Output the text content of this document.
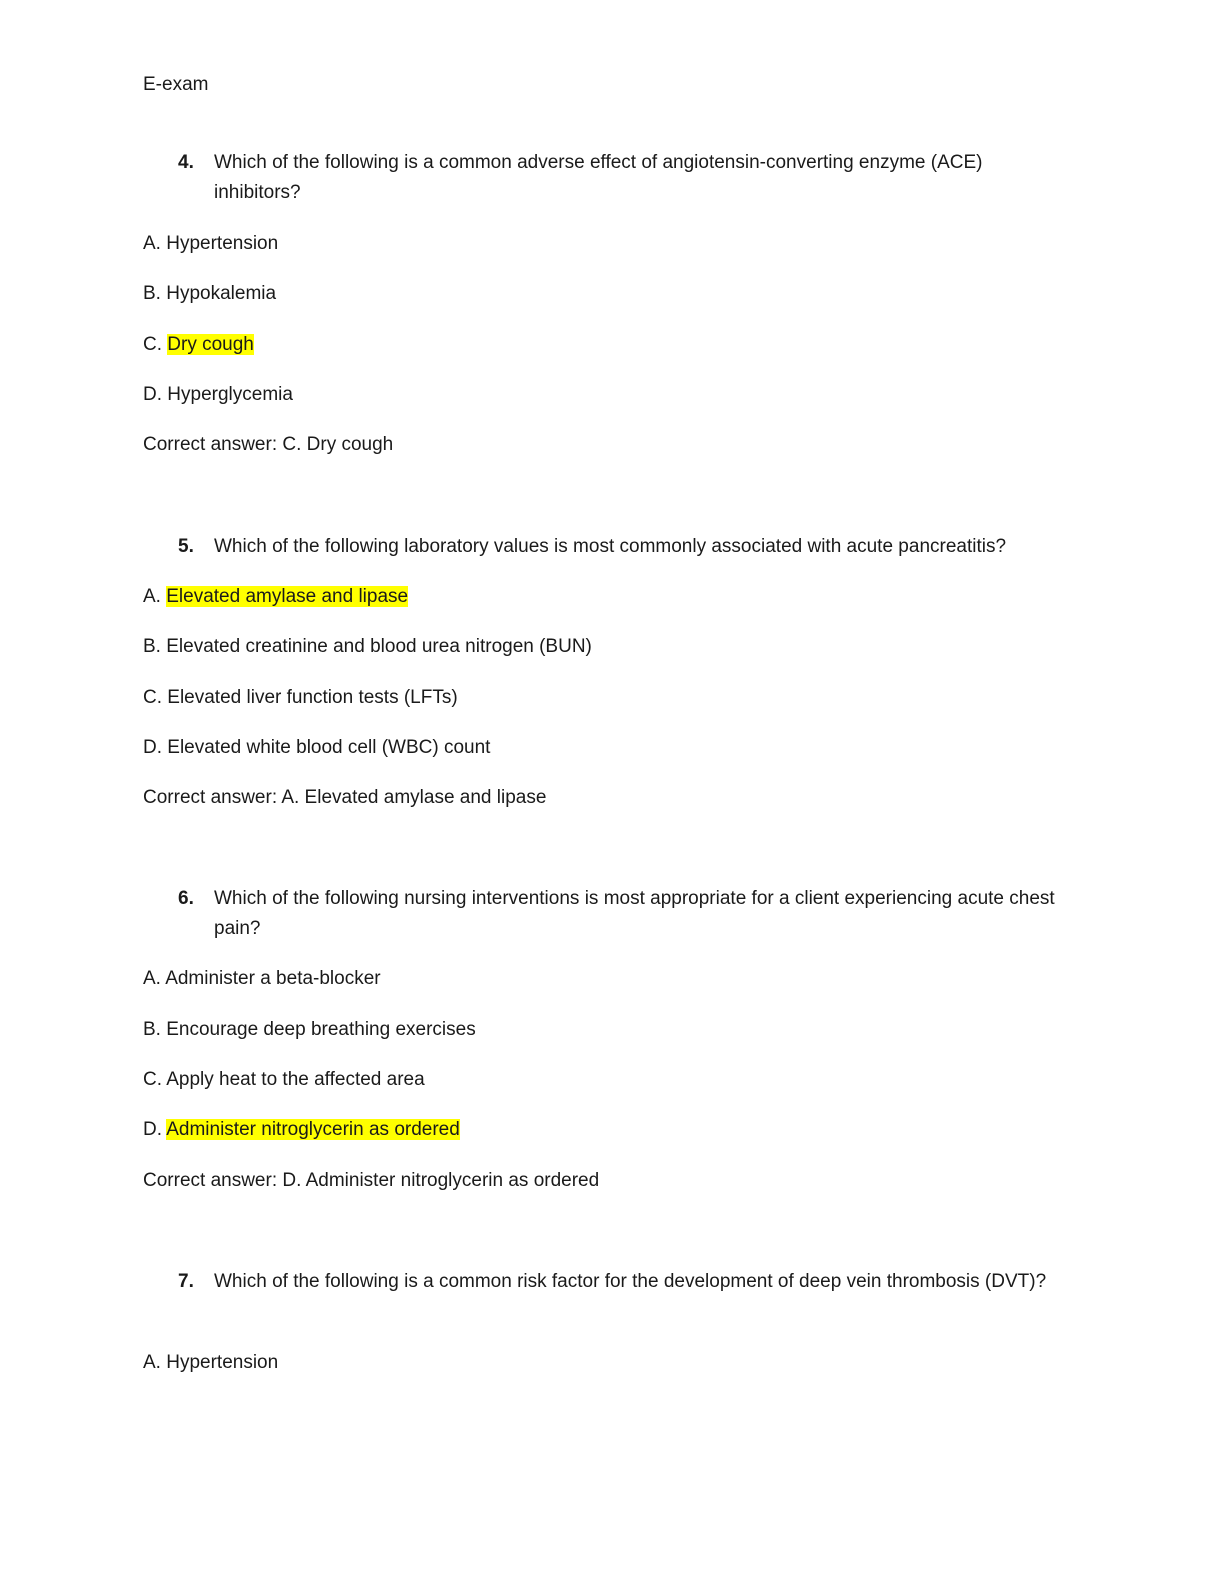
E-exam
4. Which of the following is a common adverse effect of angiotensin-converting enzyme (ACE) inhibitors?
A. Hypertension
B. Hypokalemia
C. Dry cough
D. Hyperglycemia
Correct answer: C. Dry cough
5. Which of the following laboratory values is most commonly associated with acute pancreatitis?
A. Elevated amylase and lipase
B. Elevated creatinine and blood urea nitrogen (BUN)
C. Elevated liver function tests (LFTs)
D. Elevated white blood cell (WBC) count
Correct answer: A. Elevated amylase and lipase
6. Which of the following nursing interventions is most appropriate for a client experiencing acute chest pain?
A. Administer a beta-blocker
B. Encourage deep breathing exercises
C. Apply heat to the affected area
D. Administer nitroglycerin as ordered
Correct answer: D. Administer nitroglycerin as ordered
7. Which of the following is a common risk factor for the development of deep vein thrombosis (DVT)?
A. Hypertension
